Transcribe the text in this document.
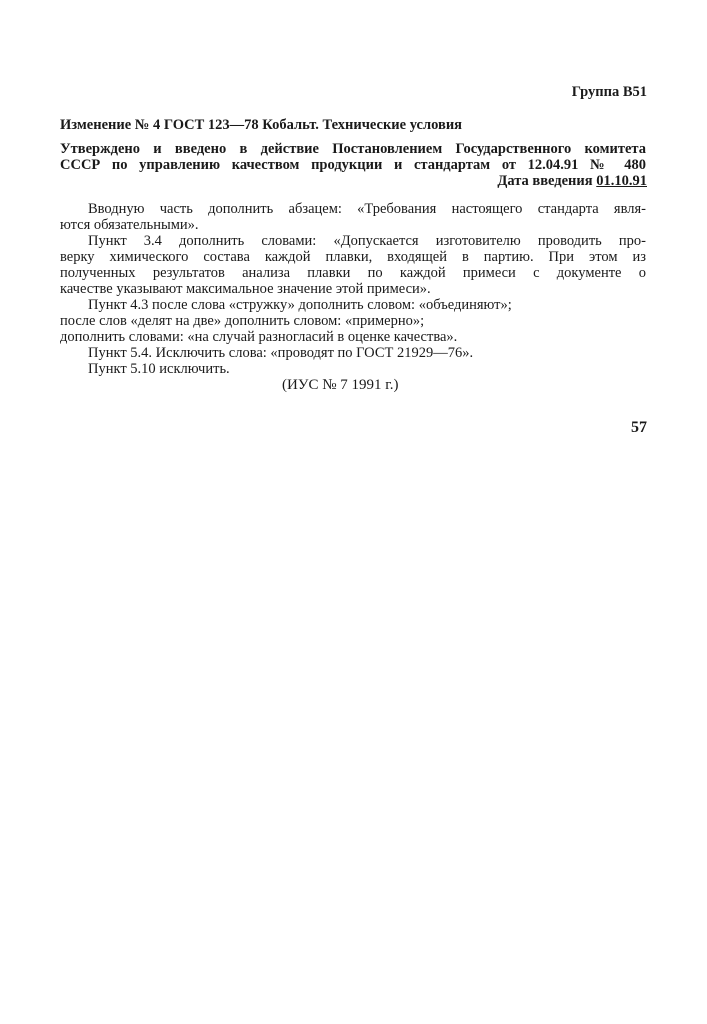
Группа В51
Изменение № 4 ГОСТ 123—78 Кобальт. Технические условия
Утверждено и введено в действие Постановлением Государственного комитета
СССР по управлению качеством продукции и стандартам от 12.04.91 № 480
Дата введения 01.10.91
Вводную часть дополнить абзацем: «Требования настоящего стандарта явля-
ются обязательными».
Пункт 3.4 дополнить словами: «Допускается изготовителю проводить про-
верку химического состава каждой плавки, входящей в партию. При этом из
полученных результатов анализа плавки по каждой примеси с документе о
качестве указывают максимальное значение этой примеси».
Пункт 4.3 после слова «стружку» дополнить словом: «объединяют»;
после слов «делят на две» дополнить словом: «примерно»;
дополнить словами: «на случай разногласий в оценке качества».
Пункт 5.4. Исключить слова: «проводят по ГОСТ 21929—76».
Пункт 5.10 исключить.
(ИУС № 7 1991 г.)
57
